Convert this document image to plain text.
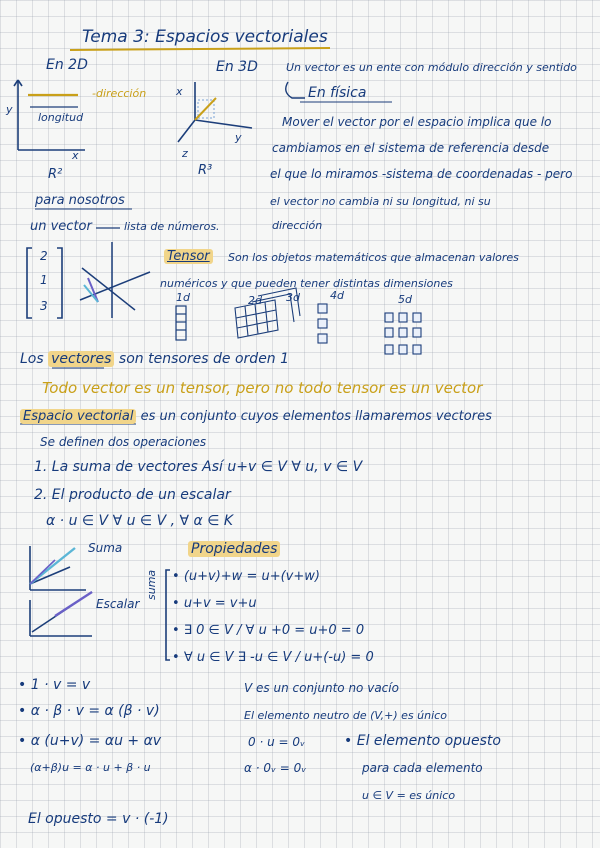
Tema 3: Espacios vectoriales
En 2D	En 3D
-dirección
longitud
y
x
R²
x
y
z
R³
Un vector es un ente con módulo dirección y sentido
En física
Mover el vector por el espacio implica que lo
cambiamos en el sistema de referencia desde
el que lo miramos -sistema de coordenadas - pero
el vector no cambia ni su longitud, ni su
dirección
para nosotros
un vector	lista de números.
2
1
3
Tensor Son los objetos matemáticos que almacenan valores
numéricos y que pueden tener distintas dimensiones
1d	2d 3d	4d	5d
Los vectores son tensores de orden 1
Todo vector es un tensor, pero no todo tensor es un vector
Espacio vectorial es un conjunto cuyos elementos llamaremos vectores
Se definen dos operaciones
1. La suma de vectores Así u+v ∈ V ∀ u, v ∈ V
2. El producto de un escalar
α · u ∈ V ∀ u ∈ V , ∀ α ∈ K
Suma
Escalar
Propiedades
suma • (u+v)+w = u+(v+w)
• u+v = v+u
• ∃ 0 ∈ V / ∀ u +0 = u+0 = 0
• ∀ u ∈ V ∃ -u ∈ V / u+(-u) = 0
• 1 · v = v
• α · β · v = α (β · v)
• α (u+v) = αu + αv
(α+β)u = α · u + β · u
V es un conjunto no vacío
El elemento neutro de (V,+) es único
0 · u = 0ᵥ
α · 0ᵥ = 0ᵥ
• El elemento opuesto
para cada elemento
u ∈ V = es único
El opuesto = v · (-1)
